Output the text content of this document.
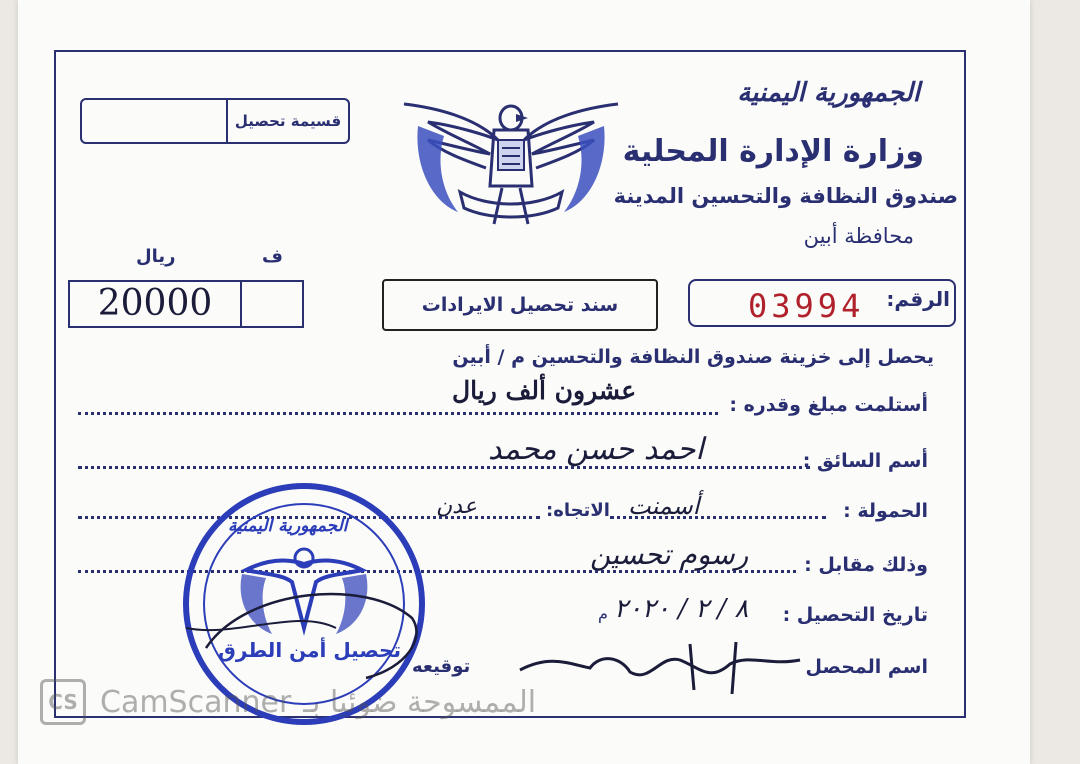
الجمهورية اليمنية
وزارة الإدارة المحلية
صندوق النظافة والتحسين المدينة
محافظة أبين
قسيمة تحصيل
ريال	ف
20000	سند تحصيل الايرادات	الرقم:
03994
يحصل إلى خزينة صندوق النظافة والتحسين م / أبين
عشرون ألف ريال	أستلمت مبلغ وقدره :
احمد حسن محمد	أسم السائق :
أسمنت	الحمولة :
الاتجاه:
عدن
رسوم تحسين	وذلك مقابل :
م ٨ / ٢ / ٢٠٢٠ تاريخ التحصيل :
اسم المحصل
توقيعه
الجمهورية اليمنية
تحصيل أمن الطرق
CS CamScanner الممسوحة ضوئيا بـ
